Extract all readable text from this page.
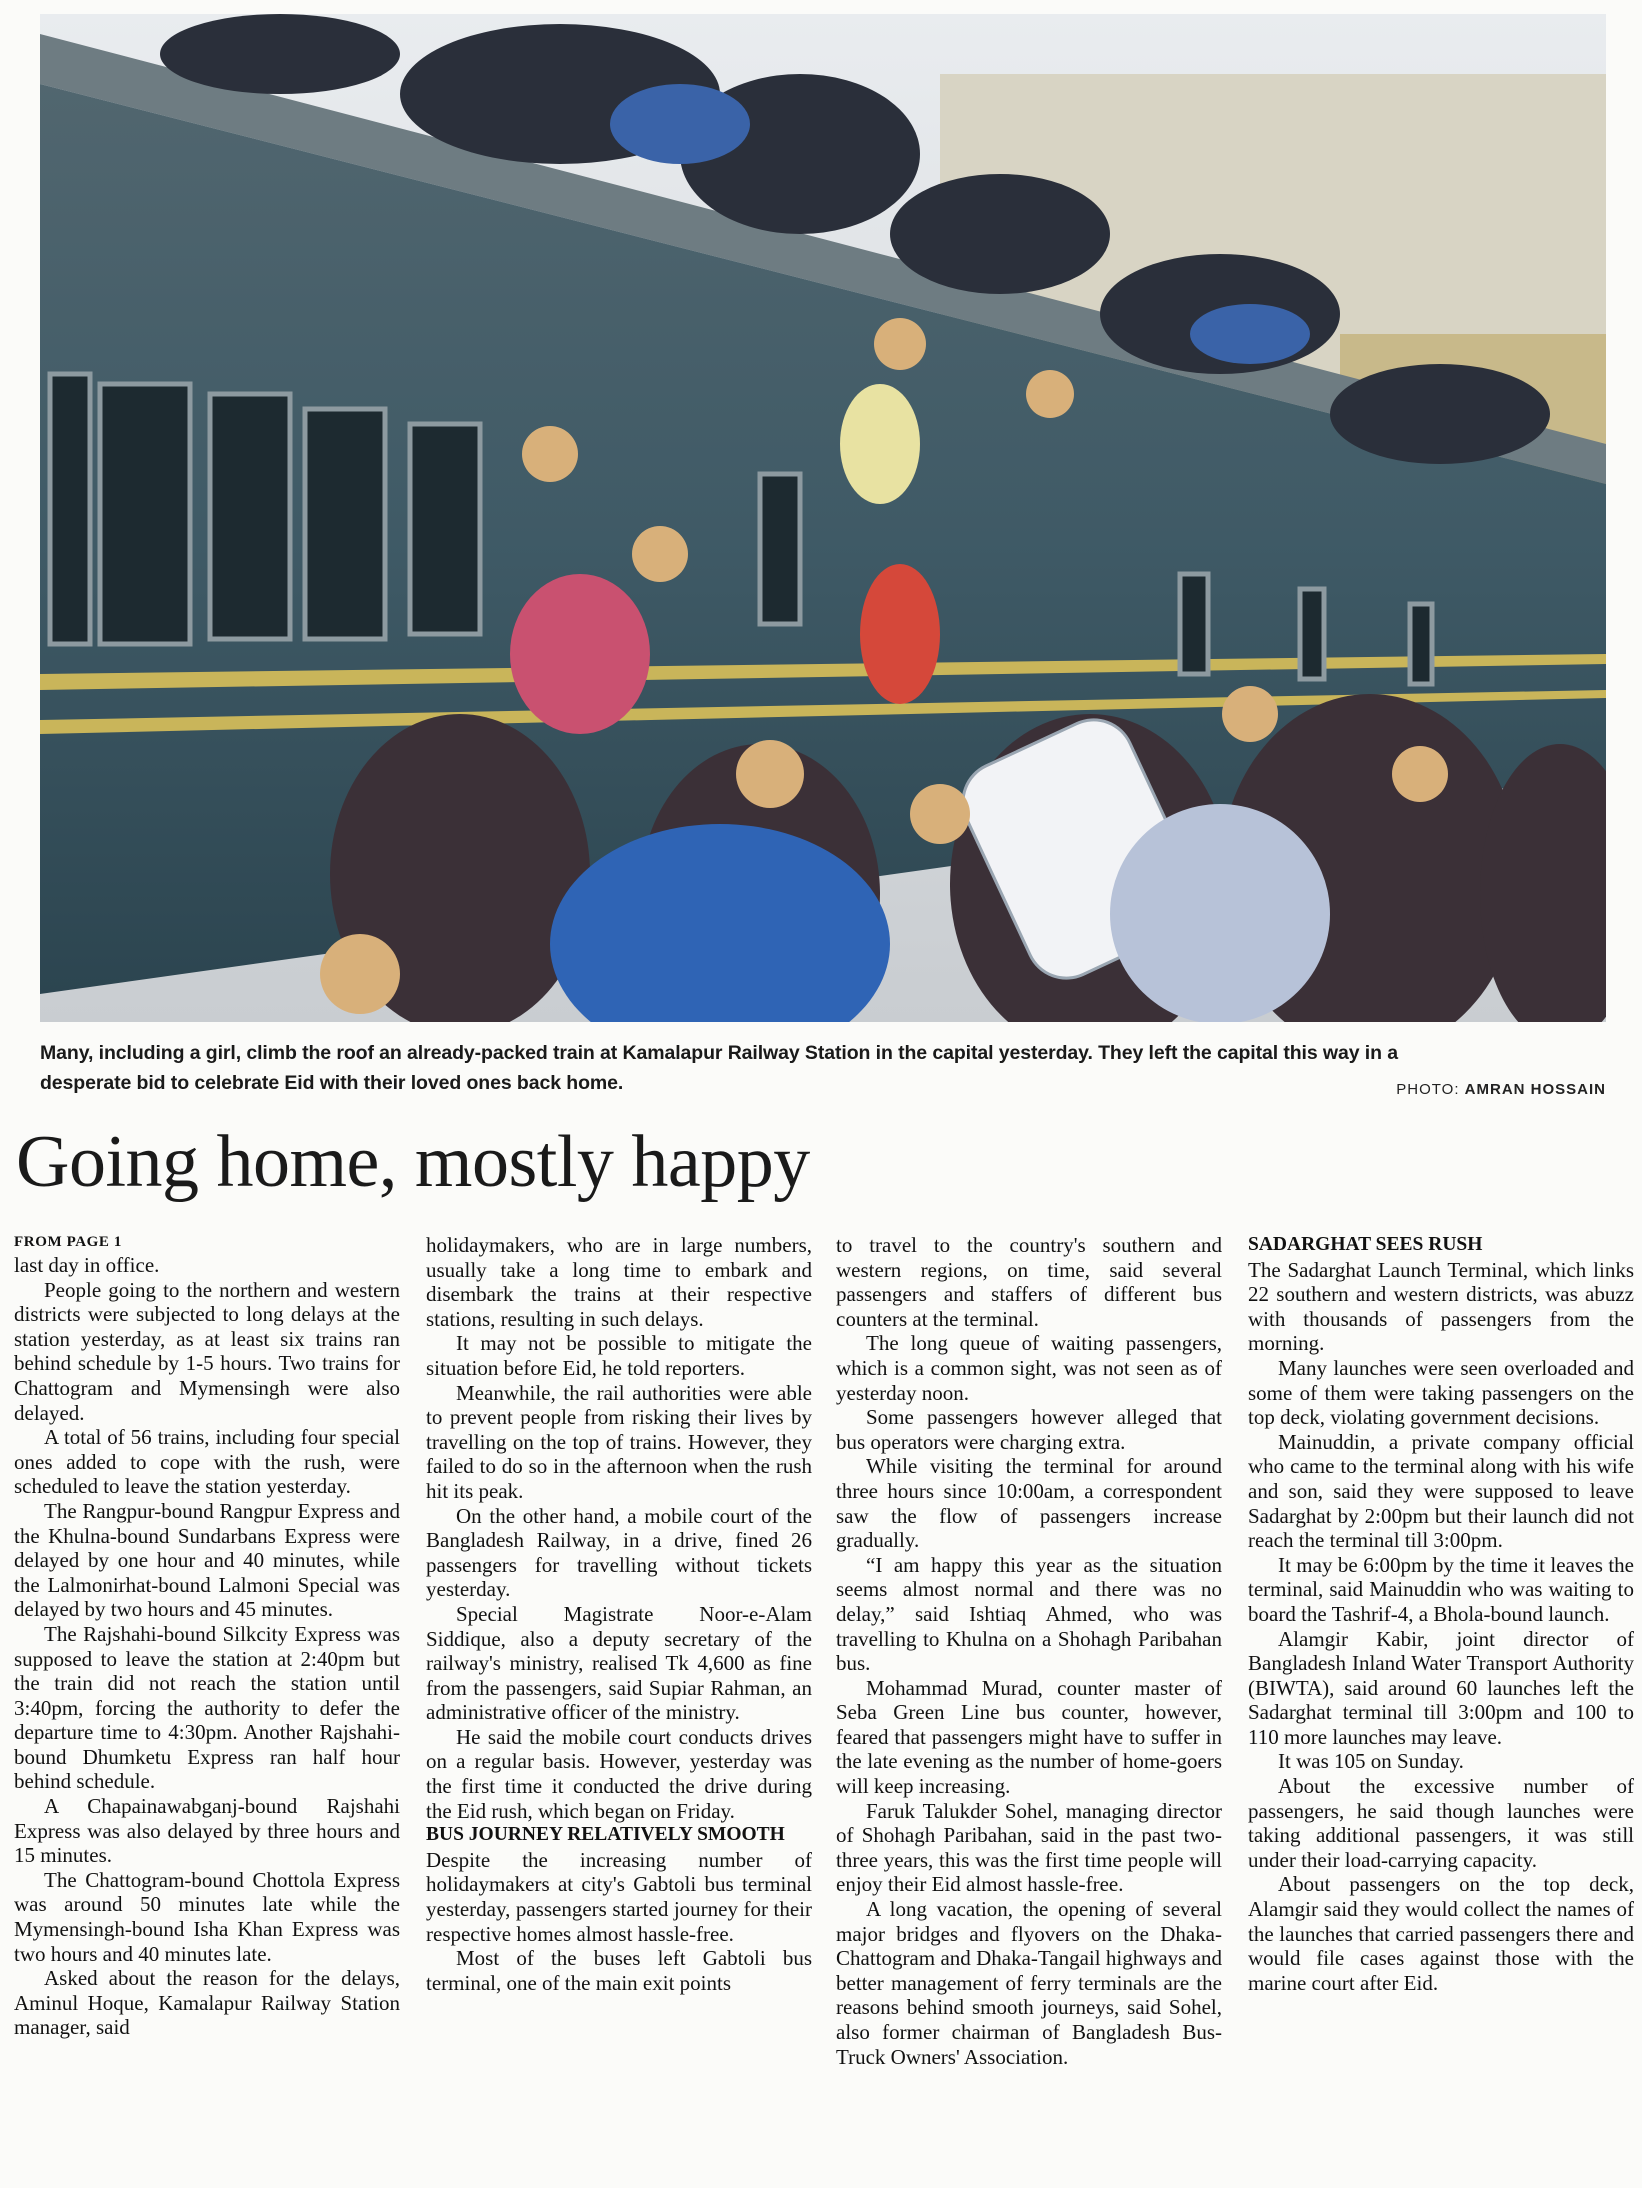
Many, including a girl, climb the roof an already-packed train at Kamalapur Railway Station in the capital yesterday. They left the capital this way in a
desperate bid to celebrate Eid with their loved ones back home.	PHOTO: AMRAN HOSSAIN
Going home, mostly happy

FROM PAGE 1

last day in office.

People going to the northern and western districts were subjected to long delays at the station yesterday, as at least six trains ran behind schedule by 1-5 hours. Two trains for Chattogram and Mymensingh were also delayed.

A total of 56 trains, including four special ones added to cope with the rush, were scheduled to leave the station yesterday.

The Rangpur-bound Rangpur Express and the Khulna-bound Sundarbans Express were delayed by one hour and 40 minutes, while the Lalmonirhat-bound Lalmoni Special was delayed by two hours and 45 minutes.

The Rajshahi-bound Silkcity Express was supposed to leave the station at 2:40pm but the train did not reach the station until 3:40pm, forcing the authority to defer the departure time to 4:30pm. Another Rajshahi-bound Dhumketu Express ran half hour behind schedule.

A Chapainawabganj-bound Rajshahi Express was also delayed by three hours and 15 minutes.

The Chattogram-bound Chottola Express was around 50 minutes late while the Mymensingh-bound Isha Khan Express was two hours and 40 minutes late.

Asked about the reason for the delays, Aminul Hoque, Kamalapur Railway Station manager, said

holidaymakers, who are in large numbers, usually take a long time to embark and disembark the trains at their respective stations, resulting in such delays.

It may not be possible to mitigate the situation before Eid, he told reporters.

Meanwhile, the rail authorities were able to prevent people from risking their lives by travelling on the top of trains. However, they failed to do so in the afternoon when the rush hit its peak.

On the other hand, a mobile court of the Bangladesh Railway, in a drive, fined 26 passengers for travelling without tickets yesterday.

Special Magistrate Noor-e-Alam Siddique, also a deputy secretary of the railway's ministry, realised Tk 4,600 as fine from the passengers, said Supiar Rahman, an administrative officer of the ministry.

He said the mobile court conducts drives on a regular basis. However, yesterday was the first time it conducted the drive during the Eid rush, which began on Friday.

BUS JOURNEY RELATIVELY SMOOTH

Despite the increasing number of holidaymakers at city's Gabtoli bus terminal yesterday, passengers started journey for their respective homes almost hassle-free.

Most of the buses left Gabtoli bus terminal, one of the main exit points

to travel to the country's southern and western regions, on time, said several passengers and staffers of different bus counters at the terminal.

The long queue of waiting passengers, which is a common sight, was not seen as of yesterday noon.

Some passengers however alleged that bus operators were charging extra.

While visiting the terminal for around three hours since 10:00am, a correspondent saw the flow of passengers increase gradually.

“I am happy this year as the situation seems almost normal and there was no delay,” said Ishtiaq Ahmed, who was travelling to Khulna on a Shohagh Paribahan bus.

Mohammad Murad, counter master of Seba Green Line bus counter, however, feared that passengers might have to suffer in the late evening as the number of home-goers will keep increasing.

Faruk Talukder Sohel, managing director of Shohagh Paribahan, said in the past two-three years, this was the first time people will enjoy their Eid almost hassle-free.

A long vacation, the opening of several major bridges and flyovers on the Dhaka-Chattogram and Dhaka-Tangail highways and better management of ferry terminals are the reasons behind smooth journeys, said Sohel, also former chairman of Bangladesh Bus-Truck Owners' Association.

SADARGHAT SEES RUSH

The Sadarghat Launch Terminal, which links 22 southern and western districts, was abuzz with thousands of passengers from the morning.

Many launches were seen overloaded and some of them were taking passengers on the top deck, violating government decisions.

Mainuddin, a private company official who came to the terminal along with his wife and son, said they were supposed to leave Sadarghat by 2:00pm but their launch did not reach the terminal till 3:00pm.

It may be 6:00pm by the time it leaves the terminal, said Mainuddin who was waiting to board the Tashrif-4, a Bhola-bound launch.

Alamgir Kabir, joint director of Bangladesh Inland Water Transport Authority (BIWTA), said around 60 launches left the Sadarghat terminal till 3:00pm and 100 to 110 more launches may leave.

It was 105 on Sunday.

About the excessive number of passengers, he said though launches were taking additional passengers, it was still under their load-carrying capacity.

About passengers on the top deck, Alamgir said they would collect the names of the launches that carried passengers there and would file cases against those with the marine court after Eid.
